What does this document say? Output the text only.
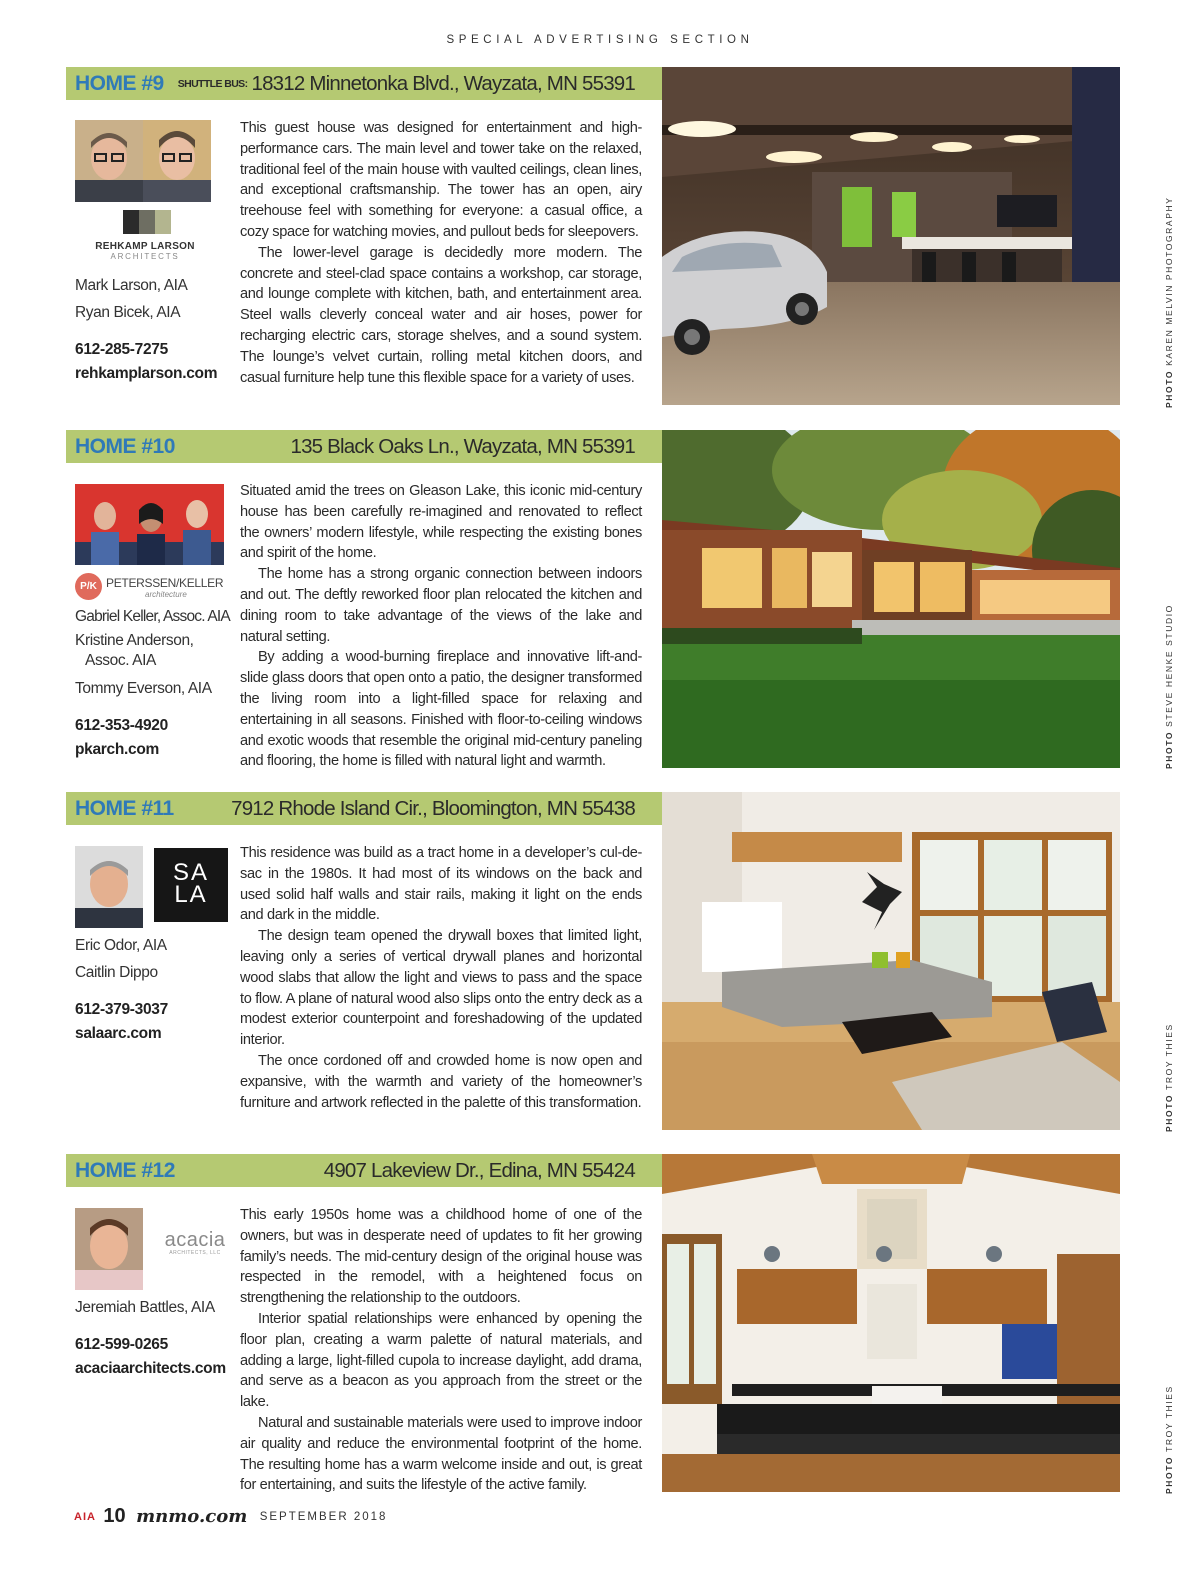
SPECIAL ADVERTISING SECTION
HOME #9 SHUTTLE BUS: 18312 Minnetonka Blvd., Wayzata, MN 55391
REHKAMP LARSON
ARCHITECTS
Mark Larson, AIA
Ryan Bicek, AIA
612-285-7275
rehkamplarson.com

This guest house was designed for entertainment and high-performance cars. The main level and tower take on the relaxed, traditional feel of the main house with vaulted ceilings, clean lines, and exceptional craftsmanship. The tower has an open, airy treehouse feel with something for everyone: a casual office, a cozy space for watching movies, and pullout beds for sleepovers.

The lower-level garage is decidedly more modern. The concrete and steel-clad space contains a workshop, car storage, and lounge complete with kitchen, bath, and entertainment area. Steel walls cleverly conceal water and air hoses, power for recharging electric cars, storage shelves, and a sound system. The lounge’s velvet curtain, rolling metal kitchen doors, and casual furniture help tune this flexible space for a variety of uses.	PHOTOKAREN MELVIN PHOTOGRAPHY
HOME #10	135 Black Oaks Ln., Wayzata, MN 55391
P/K PETERSSEN/KELLER
architecture
Gabriel Keller, Assoc. AIA
Kristine Anderson,
Assoc. AIA
Tommy Everson, AIA
612-353-4920
pkarch.com

Situated amid the trees on Gleason Lake, this iconic mid-century house has been carefully re-imagined and renovated to reflect the owners’ modern lifestyle, while respecting the existing bones and spirit of the home.

The home has a strong organic connection between indoors and out. The deftly reworked floor plan relocated the kitchen and dining room to take advantage of the views of the lake and natural setting.

By adding a wood-burning fireplace and innovative lift-and-slide glass doors that open onto a patio, the designer transformed the living room into a light-filled space for relaxing and entertaining in all seasons. Finished with floor-to-ceiling windows and exotic woods that resemble the original mid-century paneling and flooring, the home is filled with natural light and warmth.	PHOTOSTEVE HENKE STUDIO
HOME #11	7912 Rhode Island Cir., Bloomington, MN 55438
SA
LA
Eric Odor, AIA
Caitlin Dippo
612-379-3037
salaarc.com

This residence was build as a tract home in a developer’s cul-de-sac in the 1980s. It had most of its windows on the back and used solid half walls and stair rails, making it light on the ends and dark in the middle.

The design team opened the drywall boxes that limited light, leaving only a series of vertical drywall planes and horizontal wood slabs that allow the light and views to pass and the space to flow. A plane of natural wood also slips onto the entry deck as a modest exterior counterpoint and foreshadowing of the updated interior.

The once cordoned off and crowded home is now open and expansive, with the warmth and variety of the homeowner’s furniture and artwork reflected in the palette of this transformation.	PHOTOTROY THIES
HOME #12	4907 Lakeview Dr., Edina, MN 55424
acacia
ARCHITECTS, LLC
Jeremiah Battles, AIA
612-599-0265
acaciaarchitects.com

This early 1950s home was a childhood home of one of the owners, but was in desperate need of updates to fit her growing family’s needs. The mid-century design of the original house was respected in the remodel, with a heightened focus on strengthening the relationship to the outdoors.

Interior spatial relationships were enhanced by opening the floor plan, creating a warm palette of natural materials, and adding a large, light-filled cupola to increase daylight, add drama, and serve as a beacon as you approach from the street or the lake.

Natural and sustainable materials were used to improve indoor air quality and reduce the environmental footprint of the home. The resulting home has a warm welcome inside and out, is great for entertaining, and suits the lifestyle of the active family.	PHOTOTROY THIES
AIA 10 mnmo.com SEPTEMBER 2018
